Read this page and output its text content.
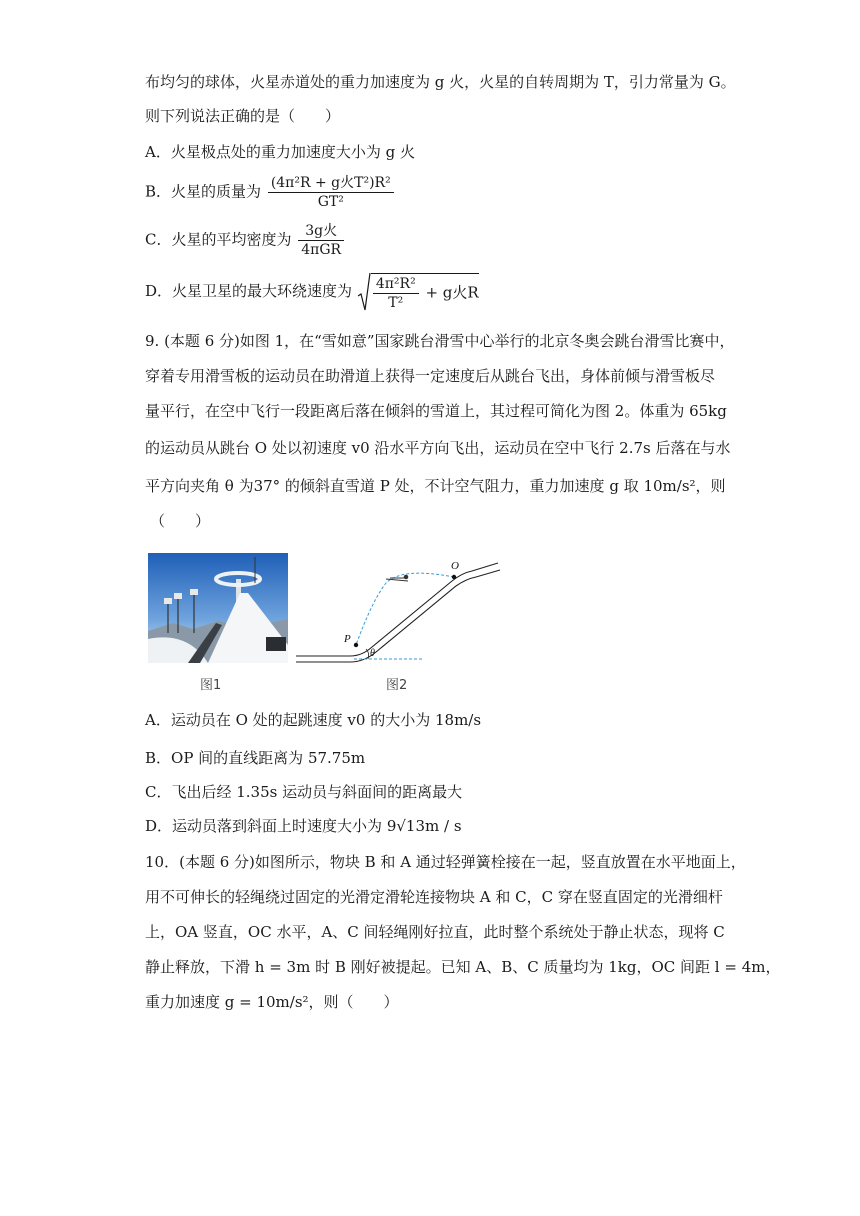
布均匀的球体，火星赤道处的重力加速度为 g 火，火星的自转周期为 T，引力常量为 G。
则下列说法正确的是（　　）
A．火星极点处的重力加速度大小为 g 火
B．火星的质量为 $\frac{\text{(4π²R + g火T²)R²}}{\text{GT²}}$
C．火星的平均密度为 $\frac{\text{3g火}}{\text{4πGR}}$
D．火星卫星的最大环绕速度为 $\frac{\text{4π²R²}}{\text{T²}} + g$火R
9. (本题 6 分)如图 1，在“雪如意”国家跳台滑雪中心举行的北京冬奥会跳台滑雪比赛中，
穿着专用滑雪板的运动员在助滑道上获得一定速度后从跳台飞出，身体前倾与滑雪板尽
量平行，在空中飞行一段距离后落在倾斜的雪道上，其过程可简化为图 2。体重为 65kg
的运动员从跳台 O 处以初速度 v0 沿水平方向飞出，运动员在空中飞行 2.7s 后落在与水
平方向夹角 θ 为37° 的倾斜直雪道 P 处，不计空气阻力，重力加速度 g 取 10m/s²，则
（　　）
图1
O
P
θ
图2
A．运动员在 O 处的起跳速度 v0 的大小为 18m/s
B．OP 间的直线距离为 57.75m
C．飞出后经 1.35s 运动员与斜面间的距离最大
D．运动员落到斜面上时速度大小为 9√13m / s
10．(本题 6 分)如图所示，物块 B 和 A 通过轻弹簧栓接在一起，竖直放置在水平地面上，
用不可伸长的轻绳绕过固定的光滑定滑轮连接物块 A 和 C，C 穿在竖直固定的光滑细杆
上，OA 竖直，OC 水平，A、C 间轻绳刚好拉直，此时整个系统处于静止状态，现将 C
静止释放，下滑 h = 3m 时 B 刚好被提起。已知 A、B、C 质量均为 1kg，OC 间距 l = 4m，
重力加速度 g = 10m/s²，则（　　）
